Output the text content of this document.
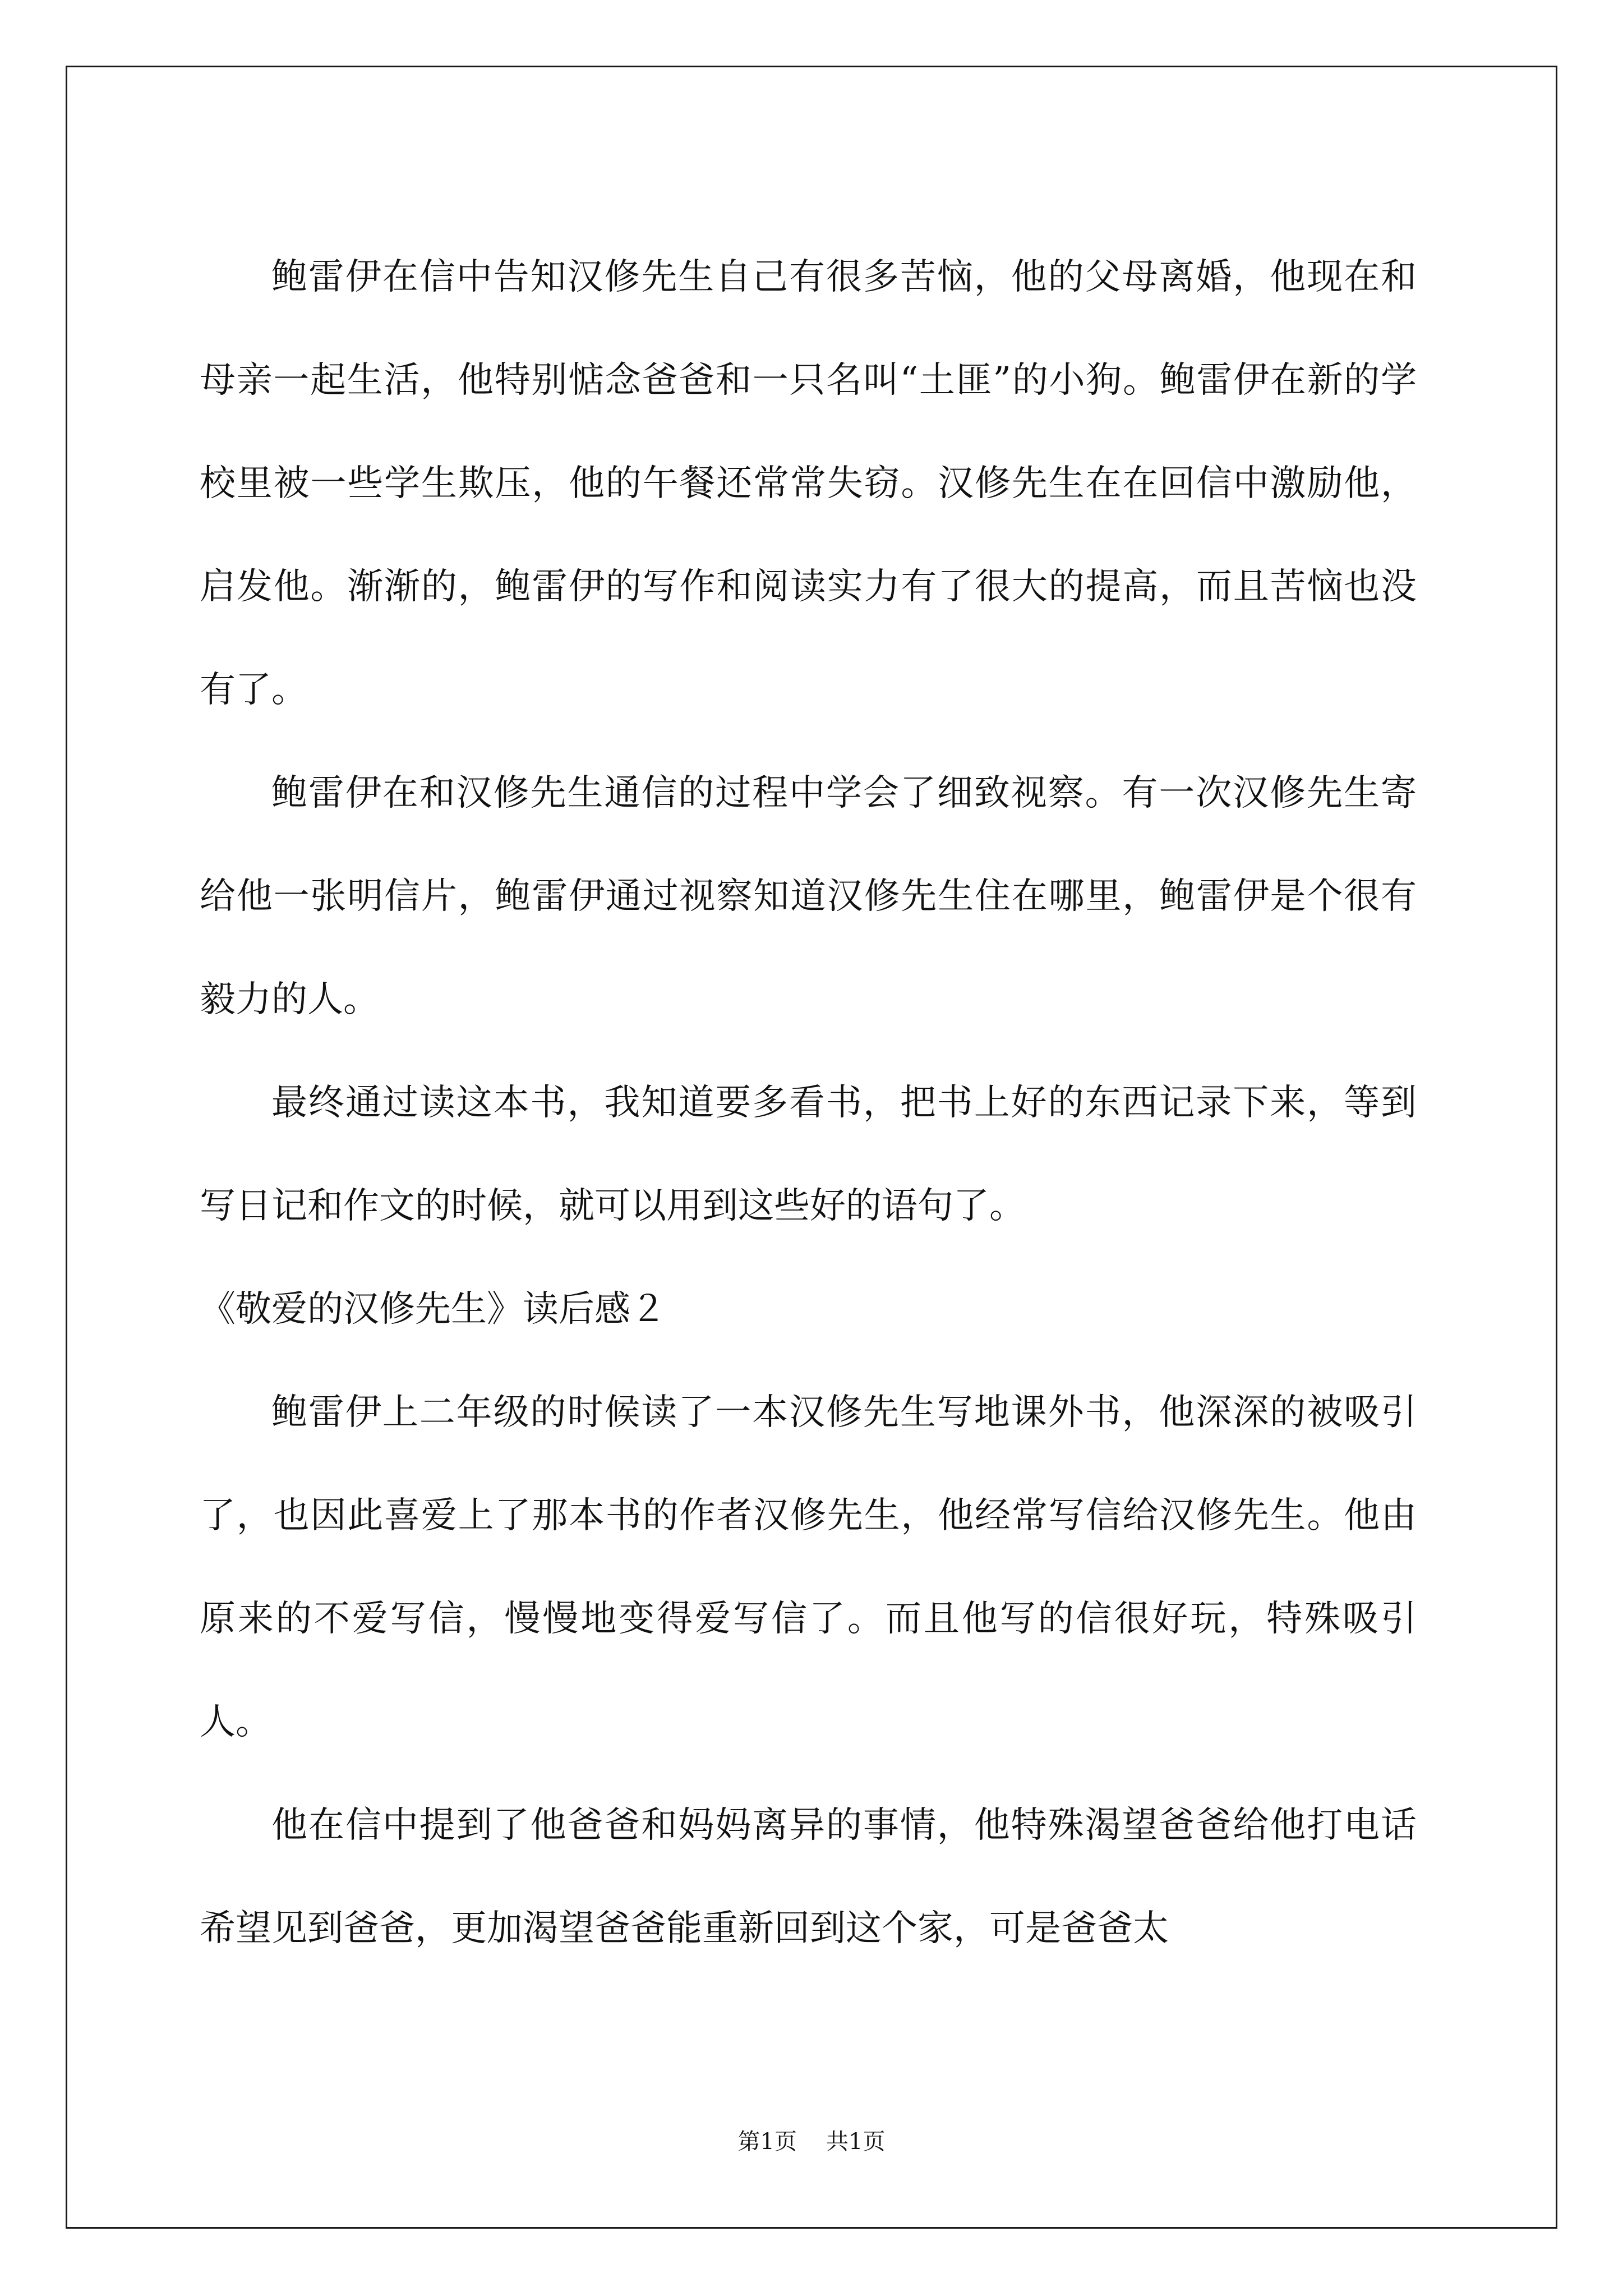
鲍雷伊在信中告知汉修先生自己有很多苦恼，他的父母离婚，他现在和母亲一起生活，他特别惦念爸爸和一只名叫“土匪”的小狗。鲍雷伊在新的学校里被一些学生欺压，他的午餐还常常失窃。汉修先生在在回信中激励他，启发他。渐渐的，鲍雷伊的写作和阅读实力有了很大的提高，而且苦恼也没有了。

鲍雷伊在和汉修先生通信的过程中学会了细致视察。有一次汉修先生寄给他一张明信片，鲍雷伊通过视察知道汉修先生住在哪里，鲍雷伊是个很有毅力的人。

最终通过读这本书，我知道要多看书，把书上好的东西记录下来，等到写日记和作文的时候，就可以用到这些好的语句了。

《敬爱的汉修先生》读后感２

鲍雷伊上二年级的时候读了一本汉修先生写地课外书，他深深的被吸引了，也因此喜爱上了那本书的作者汉修先生，他经常写信给汉修先生。他由原来的不爱写信，慢慢地变得爱写信了。而且他写的信很好玩，特殊吸引人。

他在信中提到了他爸爸和妈妈离异的事情，他特殊渴望爸爸给他打电话希望见到爸爸，更加渴望爸爸能重新回到这个家，可是爸爸太

第1页 共1页
